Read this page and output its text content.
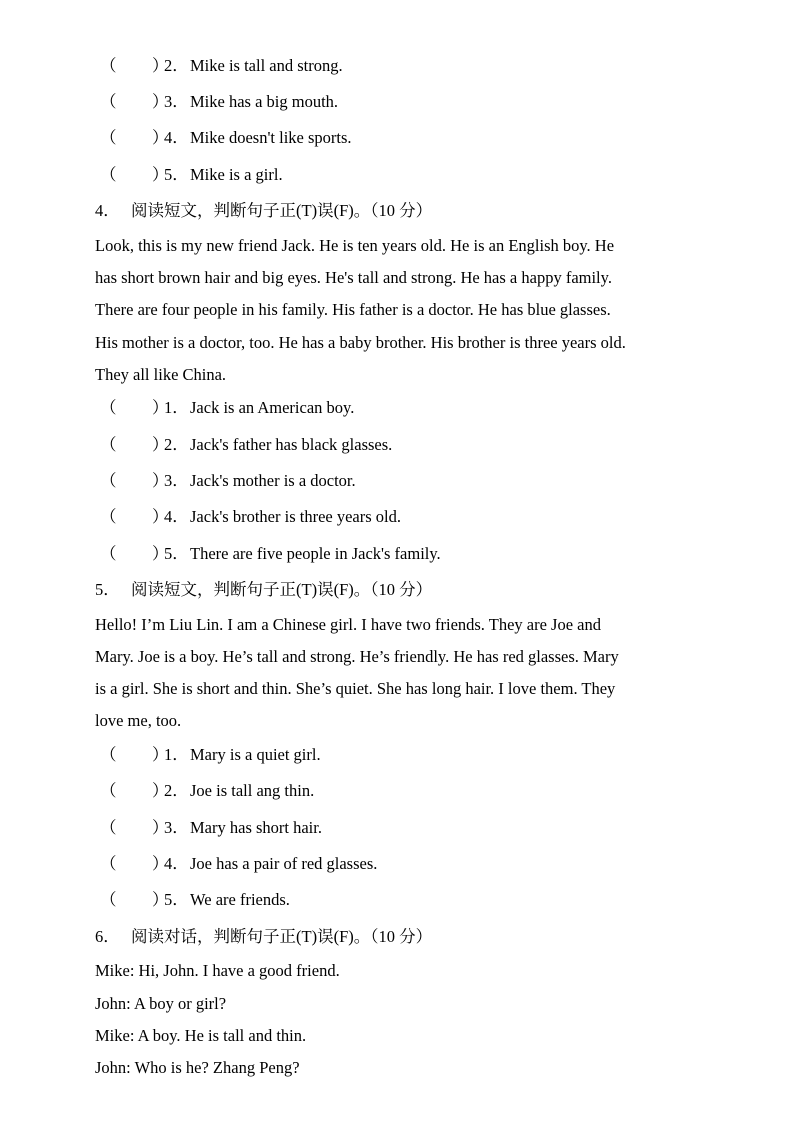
（ ）2．Mike is tall and strong.
（ ）3．Mike has a big mouth.
（ ）4．Mike doesn't like sports.
（ ）5．Mike is a girl.
4． 阅读短文，判断句子正(T)误(F)。（10 分）
Look, this is my new friend Jack. He is ten years old. He is an English boy. He
has short brown hair and big eyes. He's tall and strong. He has a happy family.
There are four people in his family. His father is a doctor. He has blue glasses.
His mother is a doctor, too. He has a baby brother. His brother is three years old.
They all like China.
（ ）1．Jack is an American boy.
（ ）2．Jack's father has black glasses.
（ ）3．Jack's mother is a doctor.
（ ）4．Jack's brother is three years old.
（ ）5．There are five people in Jack's family.
5． 阅读短文，判断句子正(T)误(F)。（10 分）
Hello! I’m Liu Lin. I am a Chinese girl. I have two friends. They are Joe and
Mary. Joe is a boy. He’s tall and strong. He’s friendly. He has red glasses. Mary
is a girl. She is short and thin. She’s quiet. She has long hair. I love them. They
love me, too.
（ ）1．Mary is a quiet girl.
（ ）2．Joe is tall ang thin.
（ ）3．Mary has short hair.
（ ）4．Joe has a pair of red glasses.
（ ）5．We are friends.
6． 阅读对话，判断句子正(T)误(F)。（10 分）
Mike: Hi, John. I have a good friend.
John: A boy or girl?
Mike: A boy. He is tall and thin.
John: Who is he? Zhang Peng?
